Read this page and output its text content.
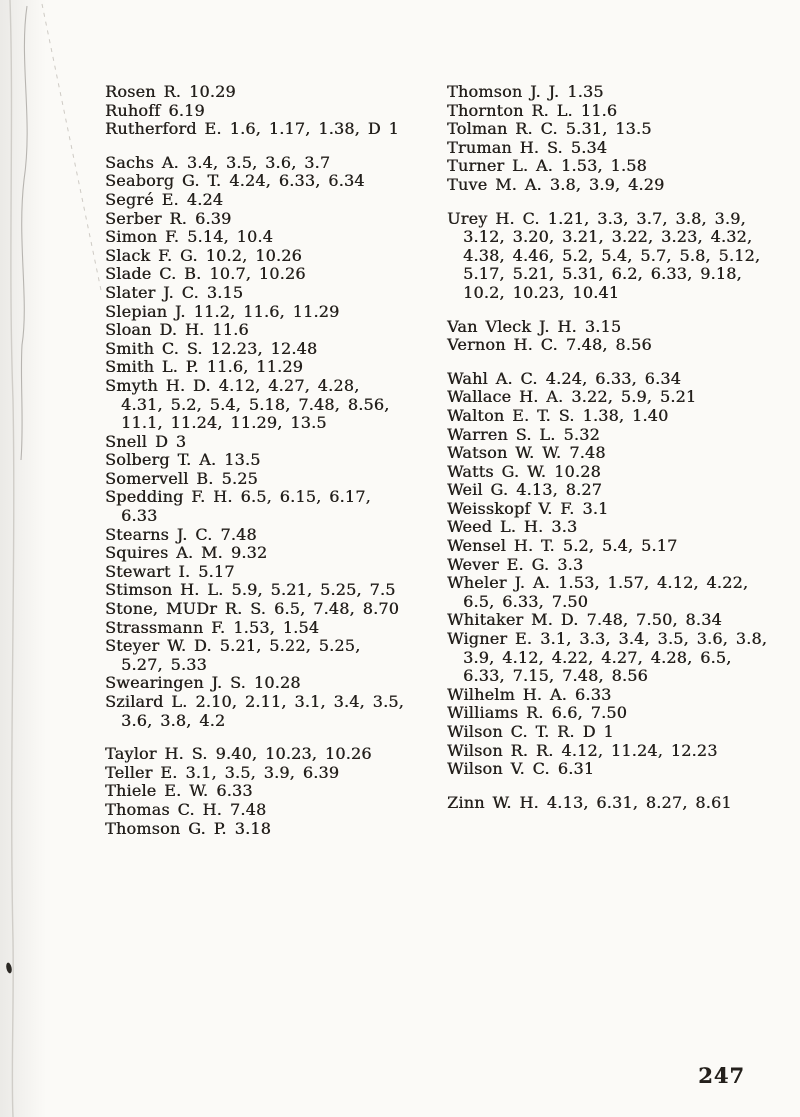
Rosen R. 10.29
Ruhoff 6.19
Rutherford E. 1.6, 1.17, 1.38, D 1
Sachs A. 3.4, 3.5, 3.6, 3.7
Seaborg G. T. 4.24, 6.33, 6.34
Segré E. 4.24
Serber R. 6.39
Simon F. 5.14, 10.4
Slack F. G. 10.2, 10.26
Slade C. B. 10.7, 10.26
Slater J. C. 3.15
Slepian J. 11.2, 11.6, 11.29
Sloan D. H. 11.6
Smith C. S. 12.23, 12.48
Smith L. P. 11.6, 11.29
Smyth H. D. 4.12, 4.27, 4.28, 4.31, 5.2, 5.4, 5.18, 7.48, 8.56, 11.1, 11.24, 11.29, 13.5
Snell D 3
Solberg T. A. 13.5
Somervell B. 5.25
Spedding F. H. 6.5, 6.15, 6.17, 6.33
Stearns J. C. 7.48
Squires A. M. 9.32
Stewart I. 5.17
Stimson H. L. 5.9, 5.21, 5.25, 7.5
Stone, MUDr R. S. 6.5, 7.48, 8.70
Strassmann F. 1.53, 1.54
Steyer W. D. 5.21, 5.22, 5.25, 5.27, 5.33
Swearingen J. S. 10.28
Szilard L. 2.10, 2.11, 3.1, 3.4, 3.5, 3.6, 3.8, 4.2
Taylor H. S. 9.40, 10.23, 10.26
Teller E. 3.1, 3.5, 3.9, 6.39
Thiele E. W. 6.33
Thomas C. H. 7.48
Thomson G. P. 3.18
Thomson J. J. 1.35
Thornton R. L. 11.6
Tolman R. C. 5.31, 13.5
Truman H. S. 5.34
Turner L. A. 1.53, 1.58
Tuve M. A. 3.8, 3.9, 4.29
Urey H. C. 1.21, 3.3, 3.7, 3.8, 3.9, 3.12, 3.20, 3.21, 3.22, 3.23, 4.32, 4.38, 4.46, 5.2, 5.4, 5.7, 5.8, 5.12, 5.17, 5.21, 5.31, 6.2, 6.33, 9.18, 10.2, 10.23, 10.41
Van Vleck J. H. 3.15
Vernon H. C. 7.48, 8.56
Wahl A. C. 4.24, 6.33, 6.34
Wallace H. A. 3.22, 5.9, 5.21
Walton E. T. S. 1.38, 1.40
Warren S. L. 5.32
Watson W. W. 7.48
Watts G. W. 10.28
Weil G. 4.13, 8.27
Weisskopf V. F. 3.1
Weed L. H. 3.3
Wensel H. T. 5.2, 5.4, 5.17
Wever E. G. 3.3
Wheler J. A. 1.53, 1.57, 4.12, 4.22, 6.5, 6.33, 7.50
Whitaker M. D. 7.48, 7.50, 8.34
Wigner E. 3.1, 3.3, 3.4, 3.5, 3.6, 3.8, 3.9, 4.12, 4.22, 4.27, 4.28, 6.5, 6.33, 7.15, 7.48, 8.56
Wilhelm H. A. 6.33
Williams R. 6.6, 7.50
Wilson C. T. R. D 1
Wilson R. R. 4.12, 11.24, 12.23
Wilson V. C. 6.31
Zinn W. H. 4.13, 6.31, 8.27, 8.61
247
